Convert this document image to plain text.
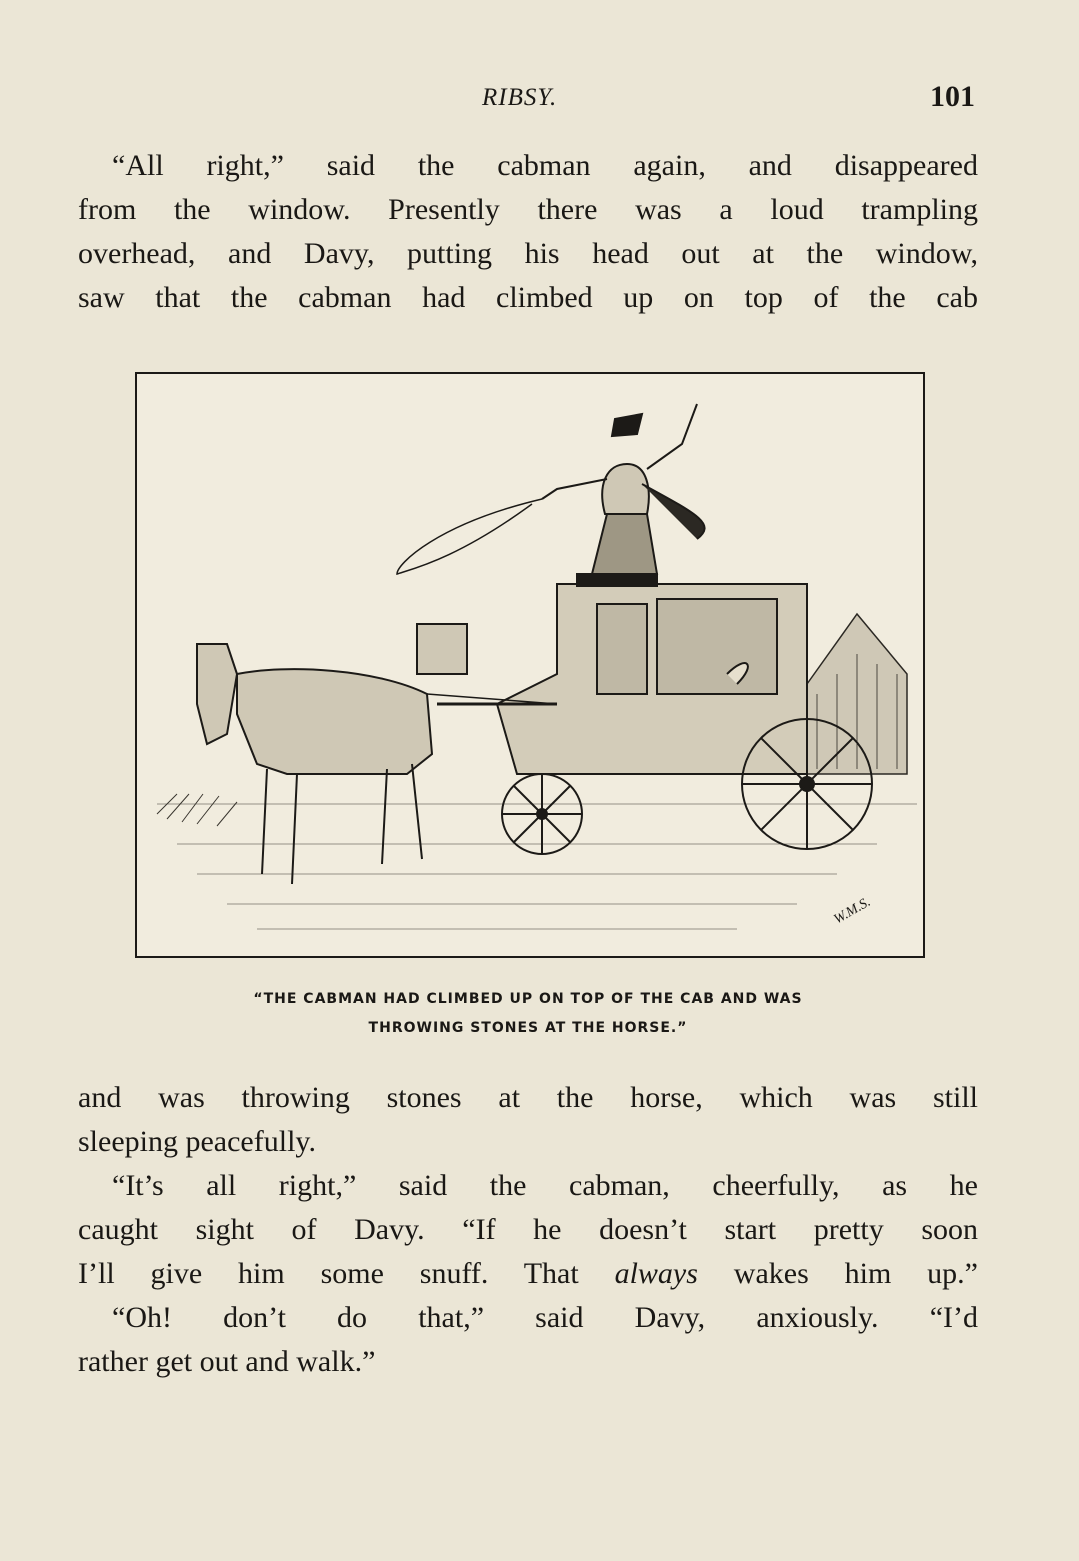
RIBSY.	101
“All right,” said the cabman again, and disappeared
from the window. Presently there was a loud trampling
overhead, and Davy, putting his head out at the window,
saw that the cabman had climbed up on top of the cab
W.M.S.
“THE CABMAN HAD CLIMBED UP ON TOP OF THE CAB AND WAS
THROWING STONES AT THE HORSE.”
and was throwing stones at the horse, which was still
sleeping peacefully.
“It’s all right,” said the cabman, cheerfully, as he
caught sight of Davy. “If he doesn’t start pretty soon
I’ll give him some snuff. That always wakes him up.”
“Oh! don’t do that,” said Davy, anxiously. “I’d
rather get out and walk.”
